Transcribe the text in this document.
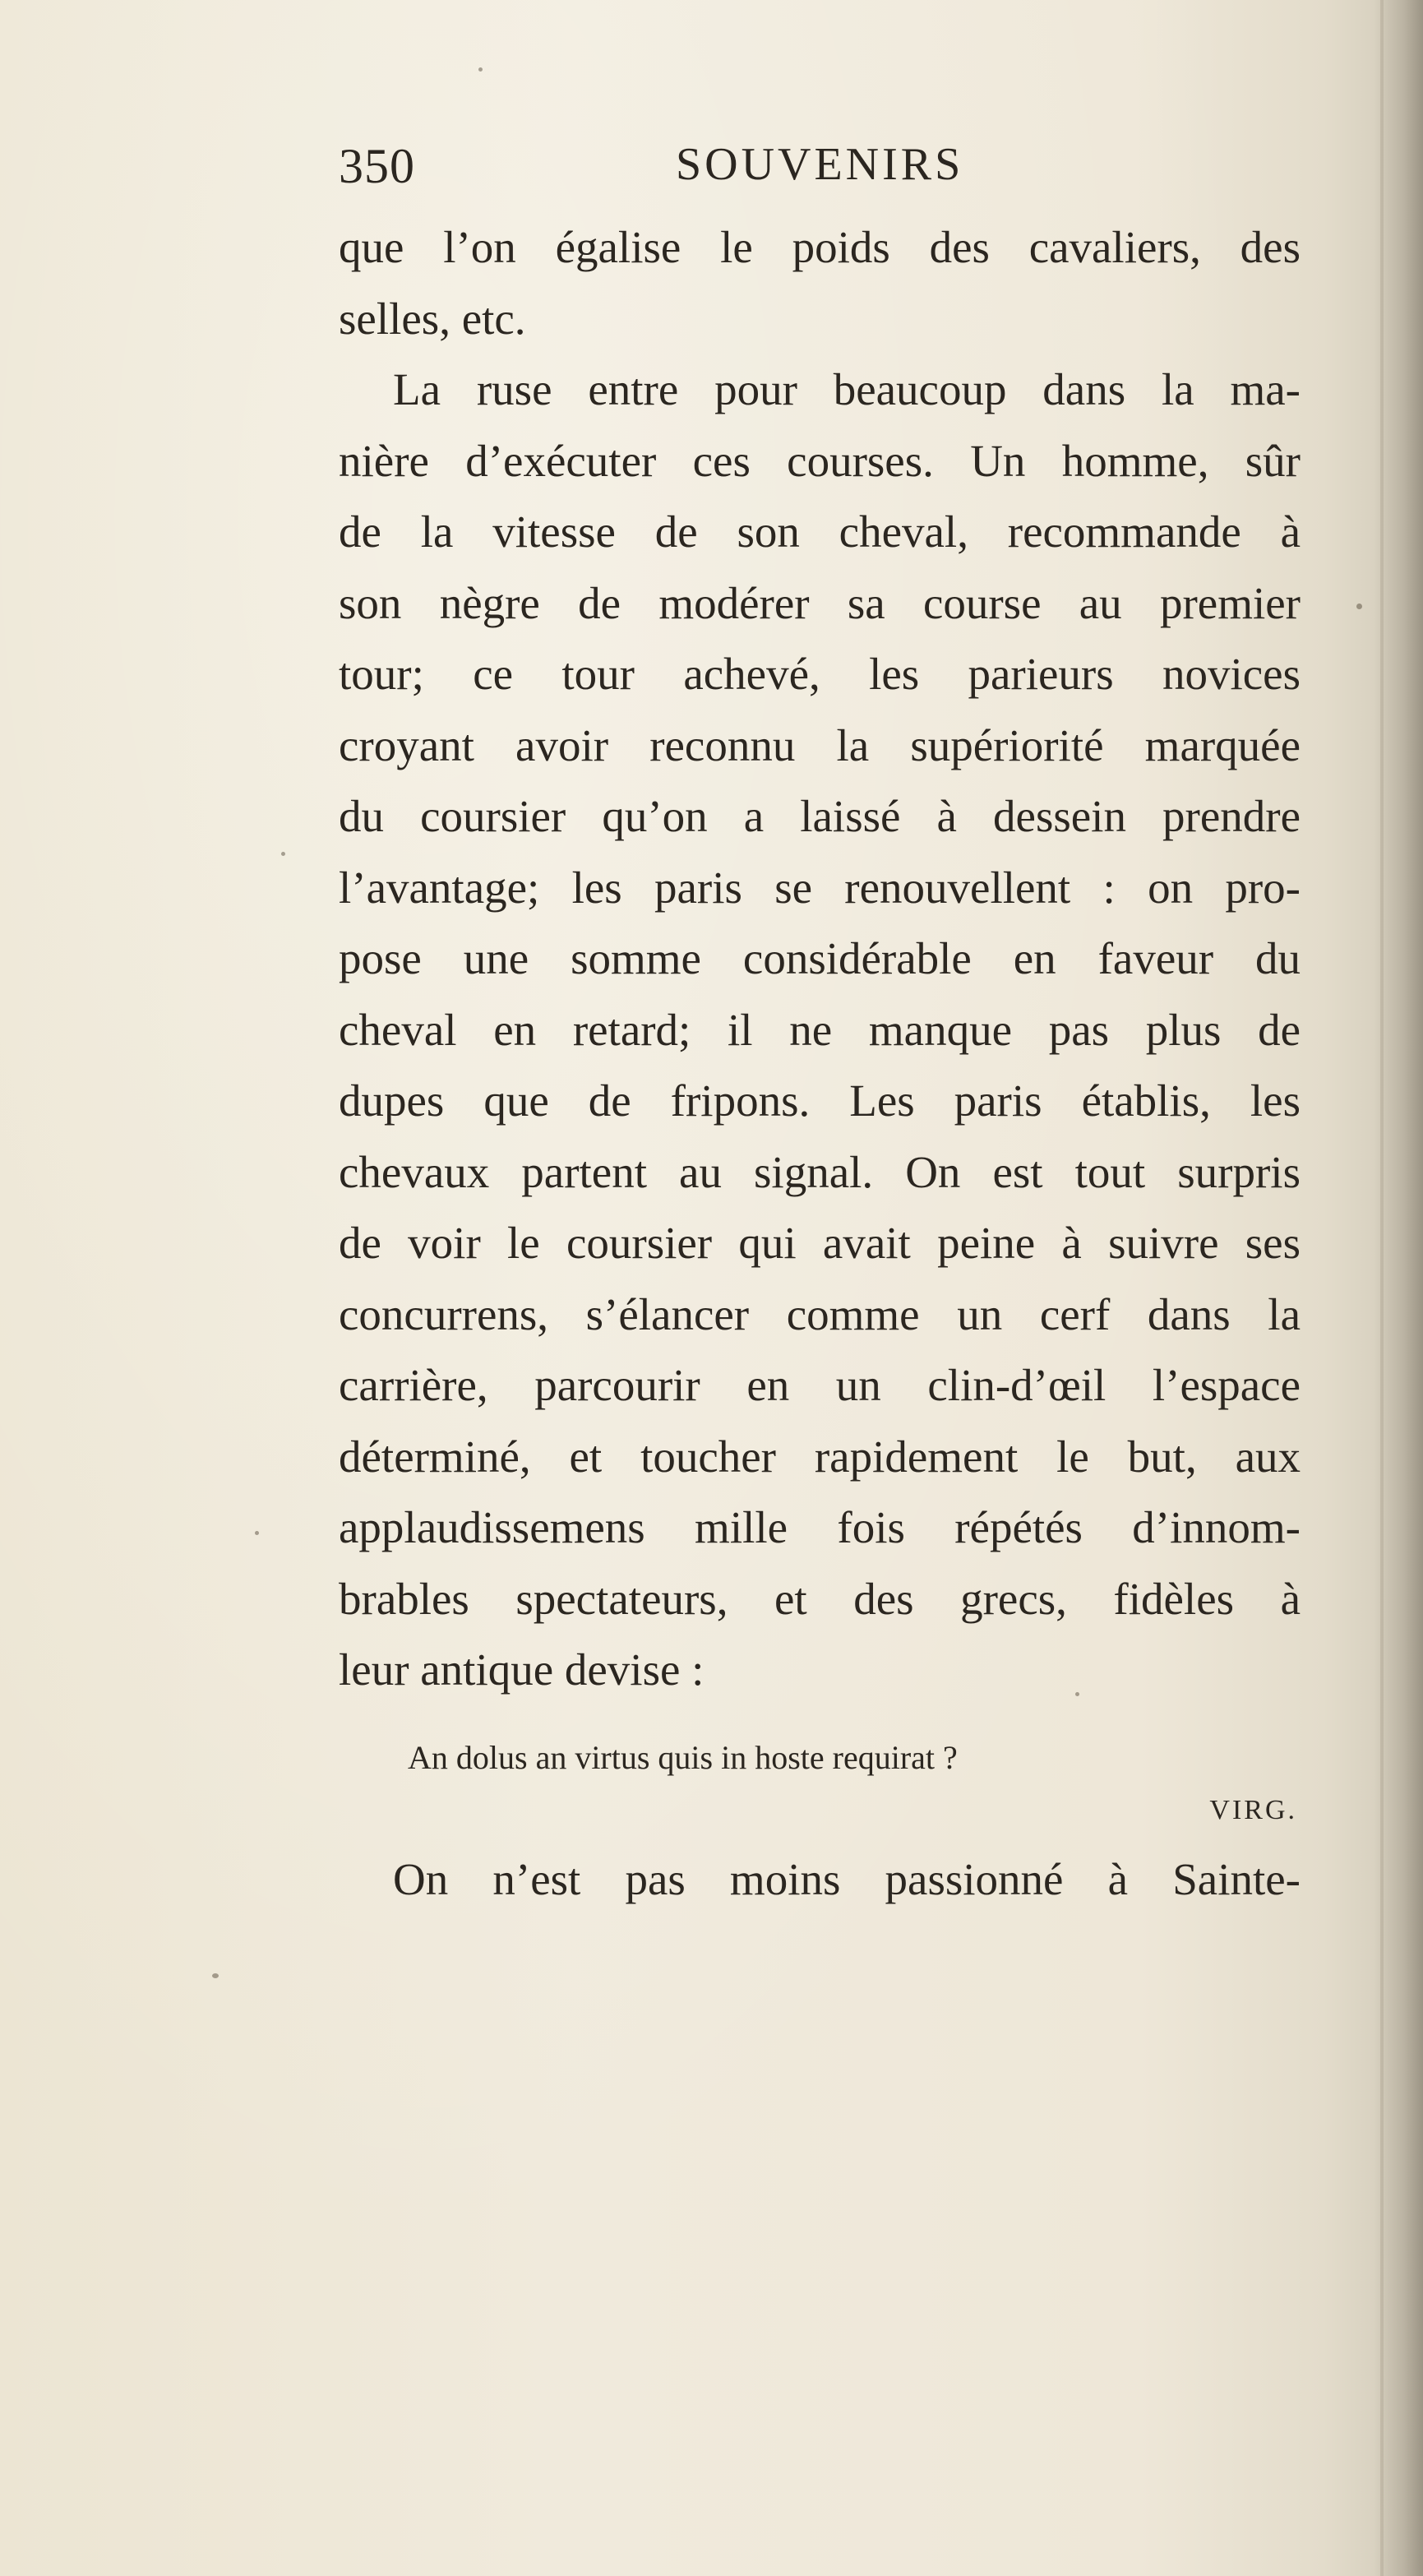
350	SOUVENIRS
que l’on égalise le poids des cavaliers, des
selles, etc.
La ruse entre pour beaucoup dans la ma-
nière d’exécuter ces courses. Un homme, sûr
de la vitesse de son cheval, recommande à
son nègre de modérer sa course au premier
tour; ce tour achevé, les parieurs novices
croyant avoir reconnu la supériorité marquée
du coursier qu’on a laissé à dessein prendre
l’avantage; les paris se renouvellent : on pro-
pose une somme considérable en faveur du
cheval en retard; il ne manque pas plus de
dupes que de fripons. Les paris établis, les
chevaux partent au signal. On est tout surpris
de voir le coursier qui avait peine à suivre ses
concurrens, s’élancer comme un cerf dans la
carrière, parcourir en un clin-d’œil l’espace
déterminé, et toucher rapidement le but, aux
applaudissemens mille fois répétés d’innom-
brables spectateurs, et des grecs, fidèles à
leur antique devise :
An dolus an virtus quis in hoste requirat ?
VIRG.
On n’est pas moins passionné à Sainte-
